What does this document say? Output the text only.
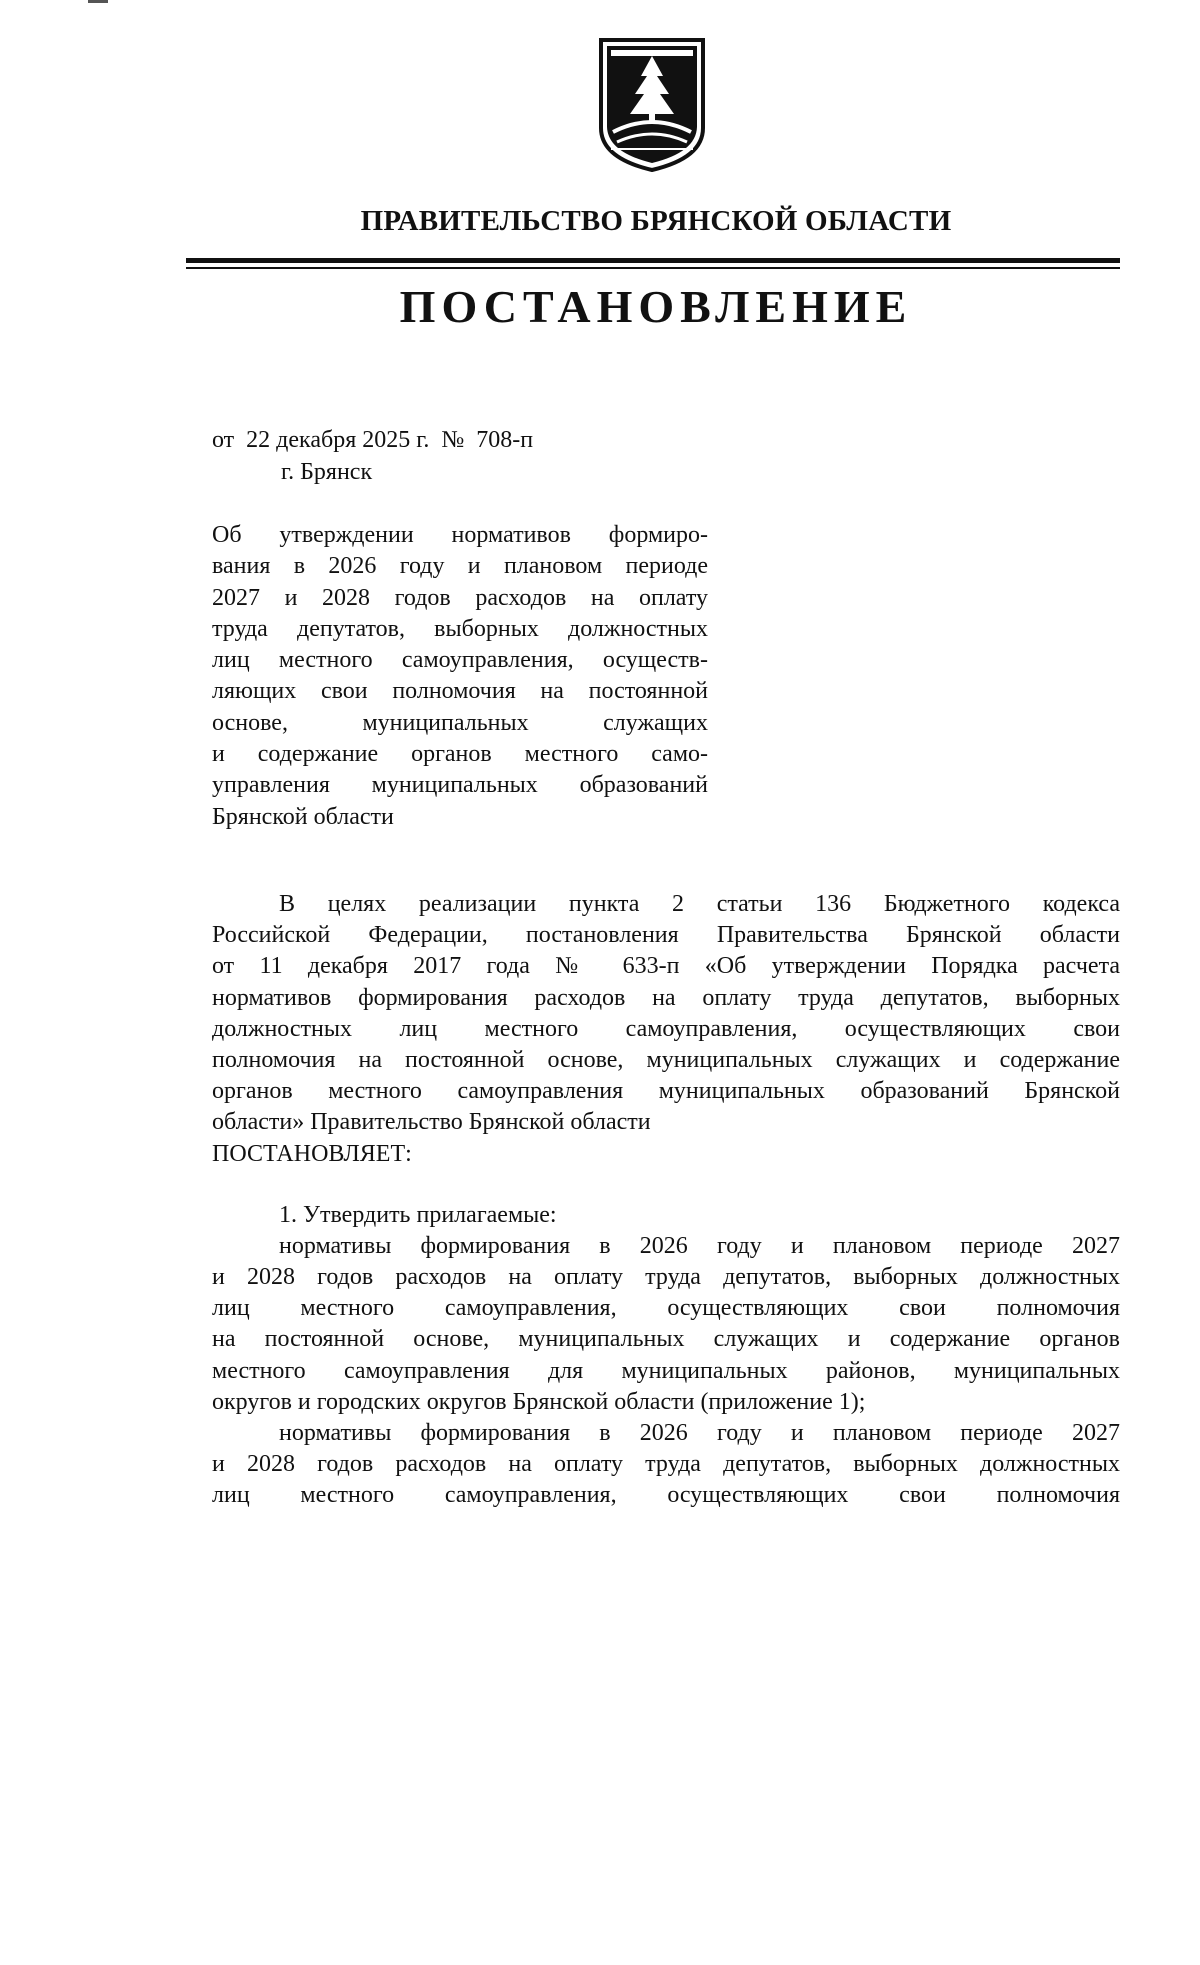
ПРАВИТЕЛЬСТВО БРЯНСКОЙ ОБЛАСТИ
ПОСТАНОВЛЕНИЕ
от  22 декабря 2025 г.  №  708-п
г. Брянск
Об утверждении нормативов формиро-
вания в 2026 году и плановом периоде
2027 и 2028 годов расходов на оплату
труда депутатов, выборных должностных
лиц местного самоуправления, осуществ-
ляющих свои полномочия на постоянной
основе, муниципальных служащих
и содержание органов местного само-
управления муниципальных образований
Брянской области
В целях реализации пункта 2 статьи 136 Бюджетного кодекса
Российской Федерации, постановления Правительства Брянской области
от 11 декабря 2017 года № 633-п «Об утверждении Порядка расчета
нормативов формирования расходов на оплату труда депутатов, выборных
должностных лиц местного самоуправления, осуществляющих свои
полномочия на постоянной основе, муниципальных служащих и содержание
органов местного самоуправления муниципальных образований Брянской
области» Правительство Брянской области
ПОСТАНОВЛЯЕТ:
1. Утвердить прилагаемые:
нормативы формирования в 2026 году и плановом периоде 2027
и 2028 годов расходов на оплату труда депутатов, выборных должностных
лиц местного самоуправления, осуществляющих свои полномочия
на постоянной основе, муниципальных служащих и содержание органов
местного самоуправления для муниципальных районов, муниципальных
округов и городских округов Брянской области (приложение 1);
нормативы формирования в 2026 году и плановом периоде 2027
и 2028 годов расходов на оплату труда депутатов, выборных должностных
лиц местного самоуправления, осуществляющих свои полномочия
